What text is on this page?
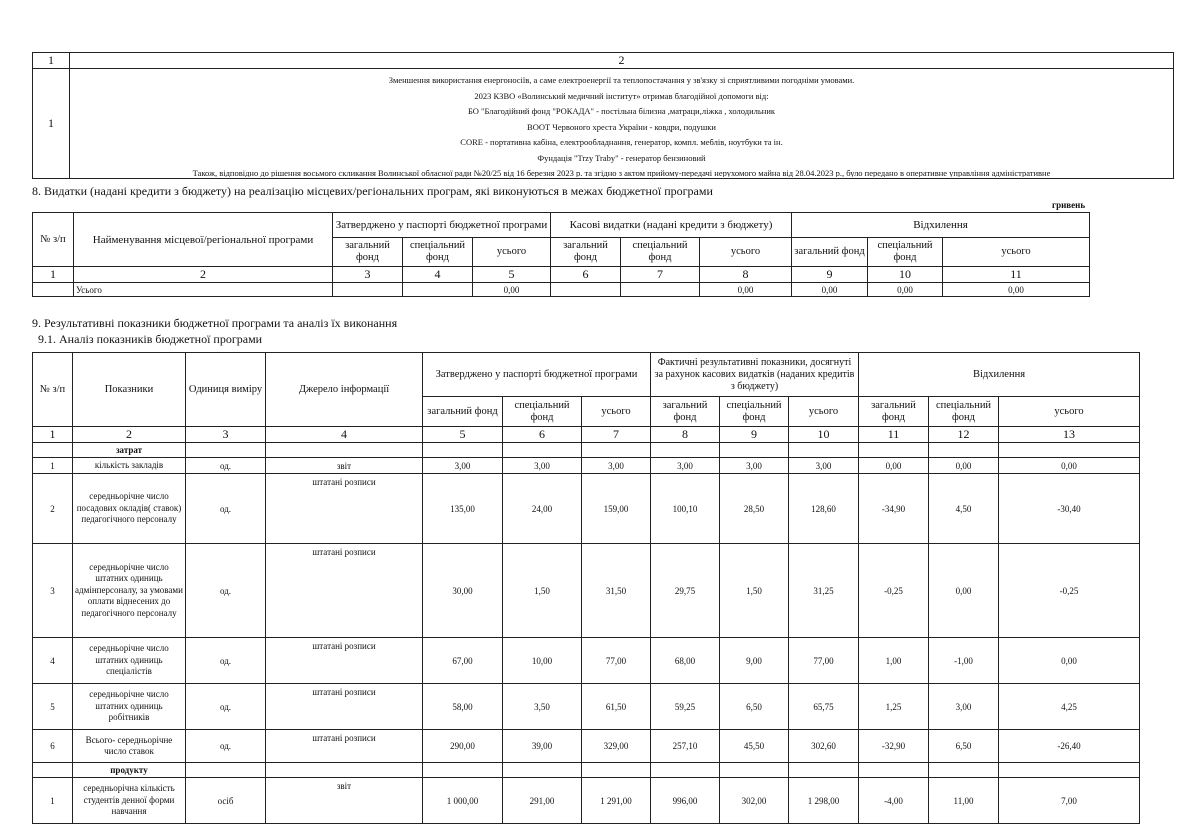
1	2
1	
Зменшення використання енергоносіїв, а саме електроенергії та теплопостачання у зв'язку зі сприятливими погодніми умовами.
2023 КЗВО «Волинський медичний інститут» отримав благодійної допомоги від:
БО "Благодійний фонд "РОКАДА" - постільна білизна ,матраци,ліжка , холодильник
ВООТ Червоного хреста України - ковдри, подушки
CORE - портативна кабіна, електрообладнання, генератор, компл. меблів, ноутбуки та ін.
Фундація "Trzy Traby" - генератор бензиновий
Також, відповідно до рішення восьмого скликання Волинської обласної ради №20/25 від 16 березня 2023 р. та згідно з актом прийому-передачі нерухомого майна від 28.04.2023 р., було передано в оперативне управління адміністративне
8. Видатки (надані кредити з бюджету) на реалізацію місцевих/регіональних програм, які виконуються в межах бюджетної програми
гривень
№ з/п	Найменування місцевої/регіональної програми	Затверджено у паспорті бюджетної програми			Касові видатки (надані кредити з бюджету)			Відхилення		
		загальний фонд	спеціальний фонд	усього	загальний фонд	спеціальний фонд	усього	загальний фонд	спеціальний фонд	усього
1	2	3	4	5	6	7	8	9	10	11
	Усього			0,00			0,00	0,00	0,00	0,00
9. Результативні показники бюджетної програми та аналіз їх виконання
9.1. Аналіз показників бюджетної програми
№ з/п	Показники	Одиниця виміру	Джерело інформації	Затверджено у паспорті бюджетної програми			Фактичні результативні показники, досягнуті за рахунок касових видатків (наданих кредитів з бюджету)			Відхилення		
				загальний фонд	спеціальний фонд	усього	загальний фонд	спеціальний фонд	усього	загальний фонд	спеціальний фонд	усього
1	2	3	4	5	6	7	8	9	10	11	12	13
	затрат											
1	кількість закладів	од.	звіт	3,00	3,00	3,00	3,00	3,00	3,00	0,00	0,00	0,00
2	середньорічне число посадових окладів( ставок) педагогічного персоналу	од.	штатані розписи	135,00	24,00	159,00	100,10	28,50	128,60	-34,90	4,50	-30,40
3	середньорічне число штатних одиниць адмінперсоналу, за умовами оплати віднесених до педагогічного персоналу	од.	штатані розписи	30,00	1,50	31,50	29,75	1,50	31,25	-0,25	0,00	-0,25
4	середньорічне число штатних одиниць спеціалістів	од.	штатані розписи	67,00	10,00	77,00	68,00	9,00	77,00	1,00	-1,00	0,00
5	середньорічне число штатних одиниць робітників	од.	штатані розписи	58,00	3,50	61,50	59,25	6,50	65,75	1,25	3,00	4,25
6	Всього- середньорічне число ставок	од.	штатані розписи	290,00	39,00	329,00	257,10	45,50	302,60	-32,90	6,50	-26,40
	продукту											
1	середньорічна кількість студентів денної форми навчання	осіб	звіт	1 000,00	291,00	1 291,00	996,00	302,00	1 298,00	-4,00	11,00	7,00
